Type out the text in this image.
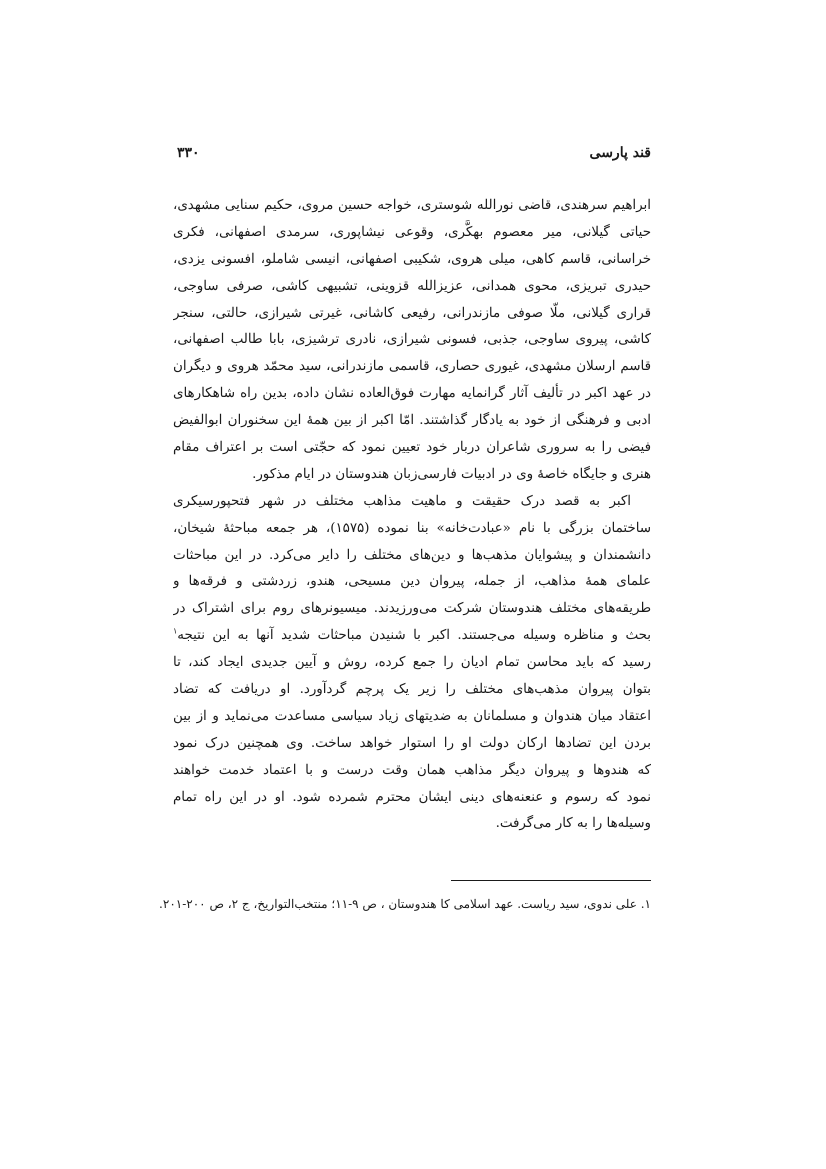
قند پارسی
۳۳۰
ابراهیم سرهندی، قاضی نورالله شوستری، خواجه حسین مروی، حکیم سنایی مشهدی،
حیاتی گیلانی، میر معصوم بهکَّری، وقوعی نیشاپوری، سرمدی اصفهانی، فکری
خراسانی، قاسم کاهی، میلی هروی، شکیبی اصفهانی، انیسی شاملو، افسونی یزدی،
حیدری تبریزی، محوی همدانی، عزیزالله قزوینی، تشبیهی کاشی، صرفی ساوجی،
قراری گیلانی، ملّا صوفی مازندرانی، رفیعی کاشانی، غیرتی شیرازی، حالتی، سنجر
کاشی، پیروی ساوجی، جذبی، فسونی شیرازی، نادری ترشیزی، بابا طالب اصفهانی،
قاسم ارسلان مشهدی، غیوری حصاری، قاسمی مازندرانی، سید محمّد هروی و دیگران
در عهد اکبر در تألیف آثار گرانمایه مهارت فوق‌العاده نشان داده، بدین راه شاهکارهای
ادبی و فرهنگی از خود به یادگار گذاشتند. امّا اکبر از بین همهٔ این سخنوران ابوالفیض
فیضی را به سروری شاعران دربار خود تعیین نمود که حجّتی است بر اعتراف مقام
هنری و جایگاه خاصهٔ وی در ادبیات فارسی‌زبان هندوستان در ایام مذکور.
اکبر به قصد درک حقیقت و ماهیت مذاهب مختلف در شهر فتحپورسیکری
ساختمان بزرگی با نام «عبادت‌خانه» بنا نموده (۱۵۷۵)، هر جمعه مباحثهٔ شیخان،
دانشمندان و پیشوایان مذهب‌ها و دین‌های مختلف را دایر می‌کرد. در این مباحثات
علمای همهٔ مذاهب، از جمله، پیروان دین مسیحی، هندو، زردشتی و فرقه‌ها و
طریقه‌های مختلف هندوستان شرکت می‌ورزیدند. میسیونرهای روم برای اشتراک در
بحث و مناظره وسیله می‌جستند. اکبر با شنیدن مباحثات شدید آنها به این نتیجه$^۱$
رسید که باید محاسن تمام ادیان را جمع کرده، روش و آیین جدیدی ایجاد کند، تا
بتوان پیروان مذهب‌های مختلف را زیر یک پرچم گردآورد. او دریافت که تضاد
اعتقاد میان هندوان و مسلمانان به ضدیتهای زیاد سیاسی مساعدت می‌نماید و از بین
بردن این تضادها ارکان دولت او را استوار خواهد ساخت. وی همچنین درک نمود
که هندوها و پیروان دیگر مذاهب همان وقت درست و با اعتماد خدمت خواهند
نمود که رسوم و عنعنه‌های دینی ایشان محترم شمرده شود. او در این راه تمام
وسیله‌ها را به کار می‌گرفت.
۱. علی ندوی، سید ریاست. عهد اسلامی کا هندوستان ، ص ۹-۱۱؛ منتخب‌التواریخ، ج ۲، ص ۲۰۰-۲۰۱.
